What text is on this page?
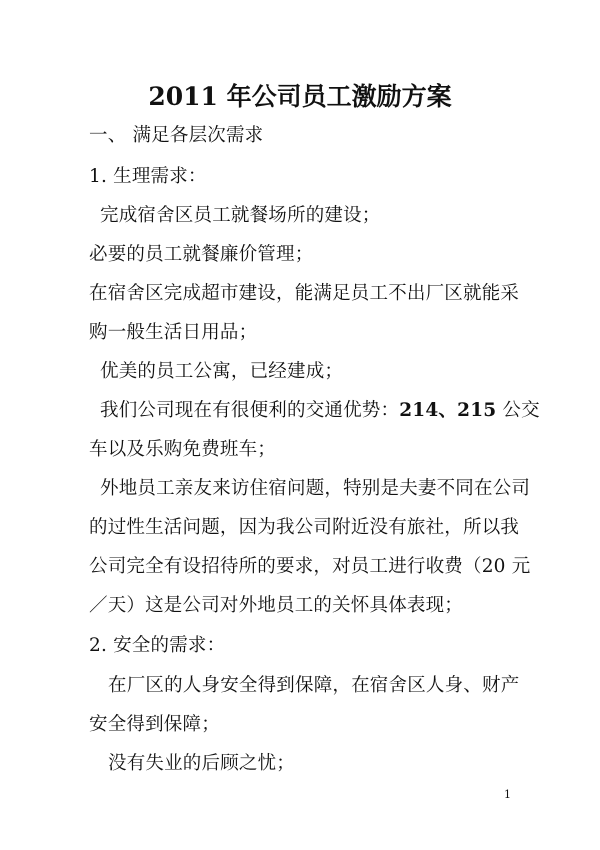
2011 年公司员工激励方案
一、 满足各层次需求
1. 生理需求：
完成宿舍区员工就餐场所的建设；
必要的员工就餐廉价管理；
在宿舍区完成超市建设，能满足员工不出厂区就能采
购一般生活日用品；
优美的员工公寓，已经建成；
我们公司现在有很便利的交通优势：214、215 公交
车以及乐购免费班车；
外地员工亲友来访住宿问题，特别是夫妻不同在公司
的过性生活问题，因为我公司附近没有旅社，所以我
公司完全有设招待所的要求，对员工进行收费（20 元
／天）这是公司对外地员工的关怀具体表现；
2. 安全的需求：
在厂区的人身安全得到保障，在宿舍区人身、财产
安全得到保障；
没有失业的后顾之忧；
1
